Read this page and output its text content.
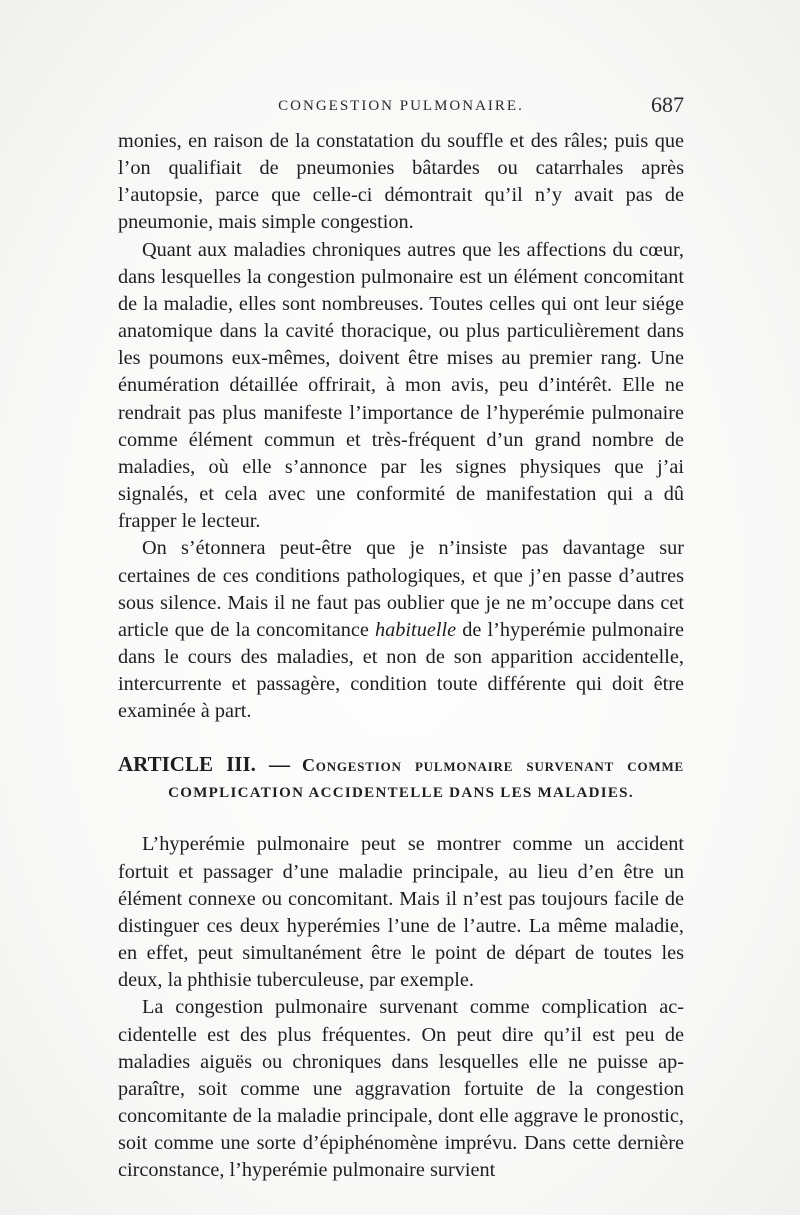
CONGESTION PULMONAIRE.	687

monies, en raison de la constatation du souffle et des râles; puis que l’on qualifiait de pneumonies bâtardes ou catarrhales après l’autopsie, parce que celle-ci démontrait qu’il n’y avait pas de pneumonie, mais simple congestion.

Quant aux maladies chroniques autres que les affections du cœur, dans lesquelles la congestion pulmonaire est un élément concomitant de la maladie, elles sont nombreuses. Toutes celles qui ont leur siége anatomique dans la cavité thoracique, ou plus particulièrement dans les poumons eux-mêmes, doivent être mises au premier rang. Une énumération détaillée offrirait, à mon avis, peu d’intérêt. Elle ne rendrait pas plus manifeste l’importance de l’hyperémie pulmonaire comme élément commun et très-fréquent d’un grand nombre de maladies, où elle s’annonce par les signes physiques que j’ai signalés, et cela avec une conformité de manifestation qui a dû frapper le lecteur.

On s’étonnera peut-être que je n’insiste pas davantage sur certaines de ces conditions pathologiques, et que j’en passe d’autres sous silence. Mais il ne faut pas oublier que je ne m’occupe dans cet article que de la concomitance habituelle de l’hyperémie pulmonaire dans le cours des maladies, et non de son apparition accidentelle, intercurrente et passagère, condition toute différente qui doit être examinée à part.

ARTICLE III. — Congestion pulmonaire survenant comme
COMPLICATION ACCIDENTELLE DANS LES MALADIES.

L’hyperémie pulmonaire peut se montrer comme un accident fortuit et passager d’une maladie principale, au lieu d’en être un élément connexe ou concomitant. Mais il n’est pas toujours facile de distinguer ces deux hyperémies l’une de l’autre. La même maladie, en effet, peut simultanément être le point de départ de toutes les deux, la phthisie tuberculeuse, par exemple.

La congestion pulmonaire survenant comme complication accidentelle est des plus fréquentes. On peut dire qu’il est peu de maladies aiguës ou chroniques dans lesquelles elle ne puisse apparaître, soit comme une aggravation fortuite de la congestion concomitante de la maladie principale, dont elle aggrave le pronostic, soit comme une sorte d’épiphénomène imprévu. Dans cette dernière circonstance, l’hyperémie pulmonaire survient
